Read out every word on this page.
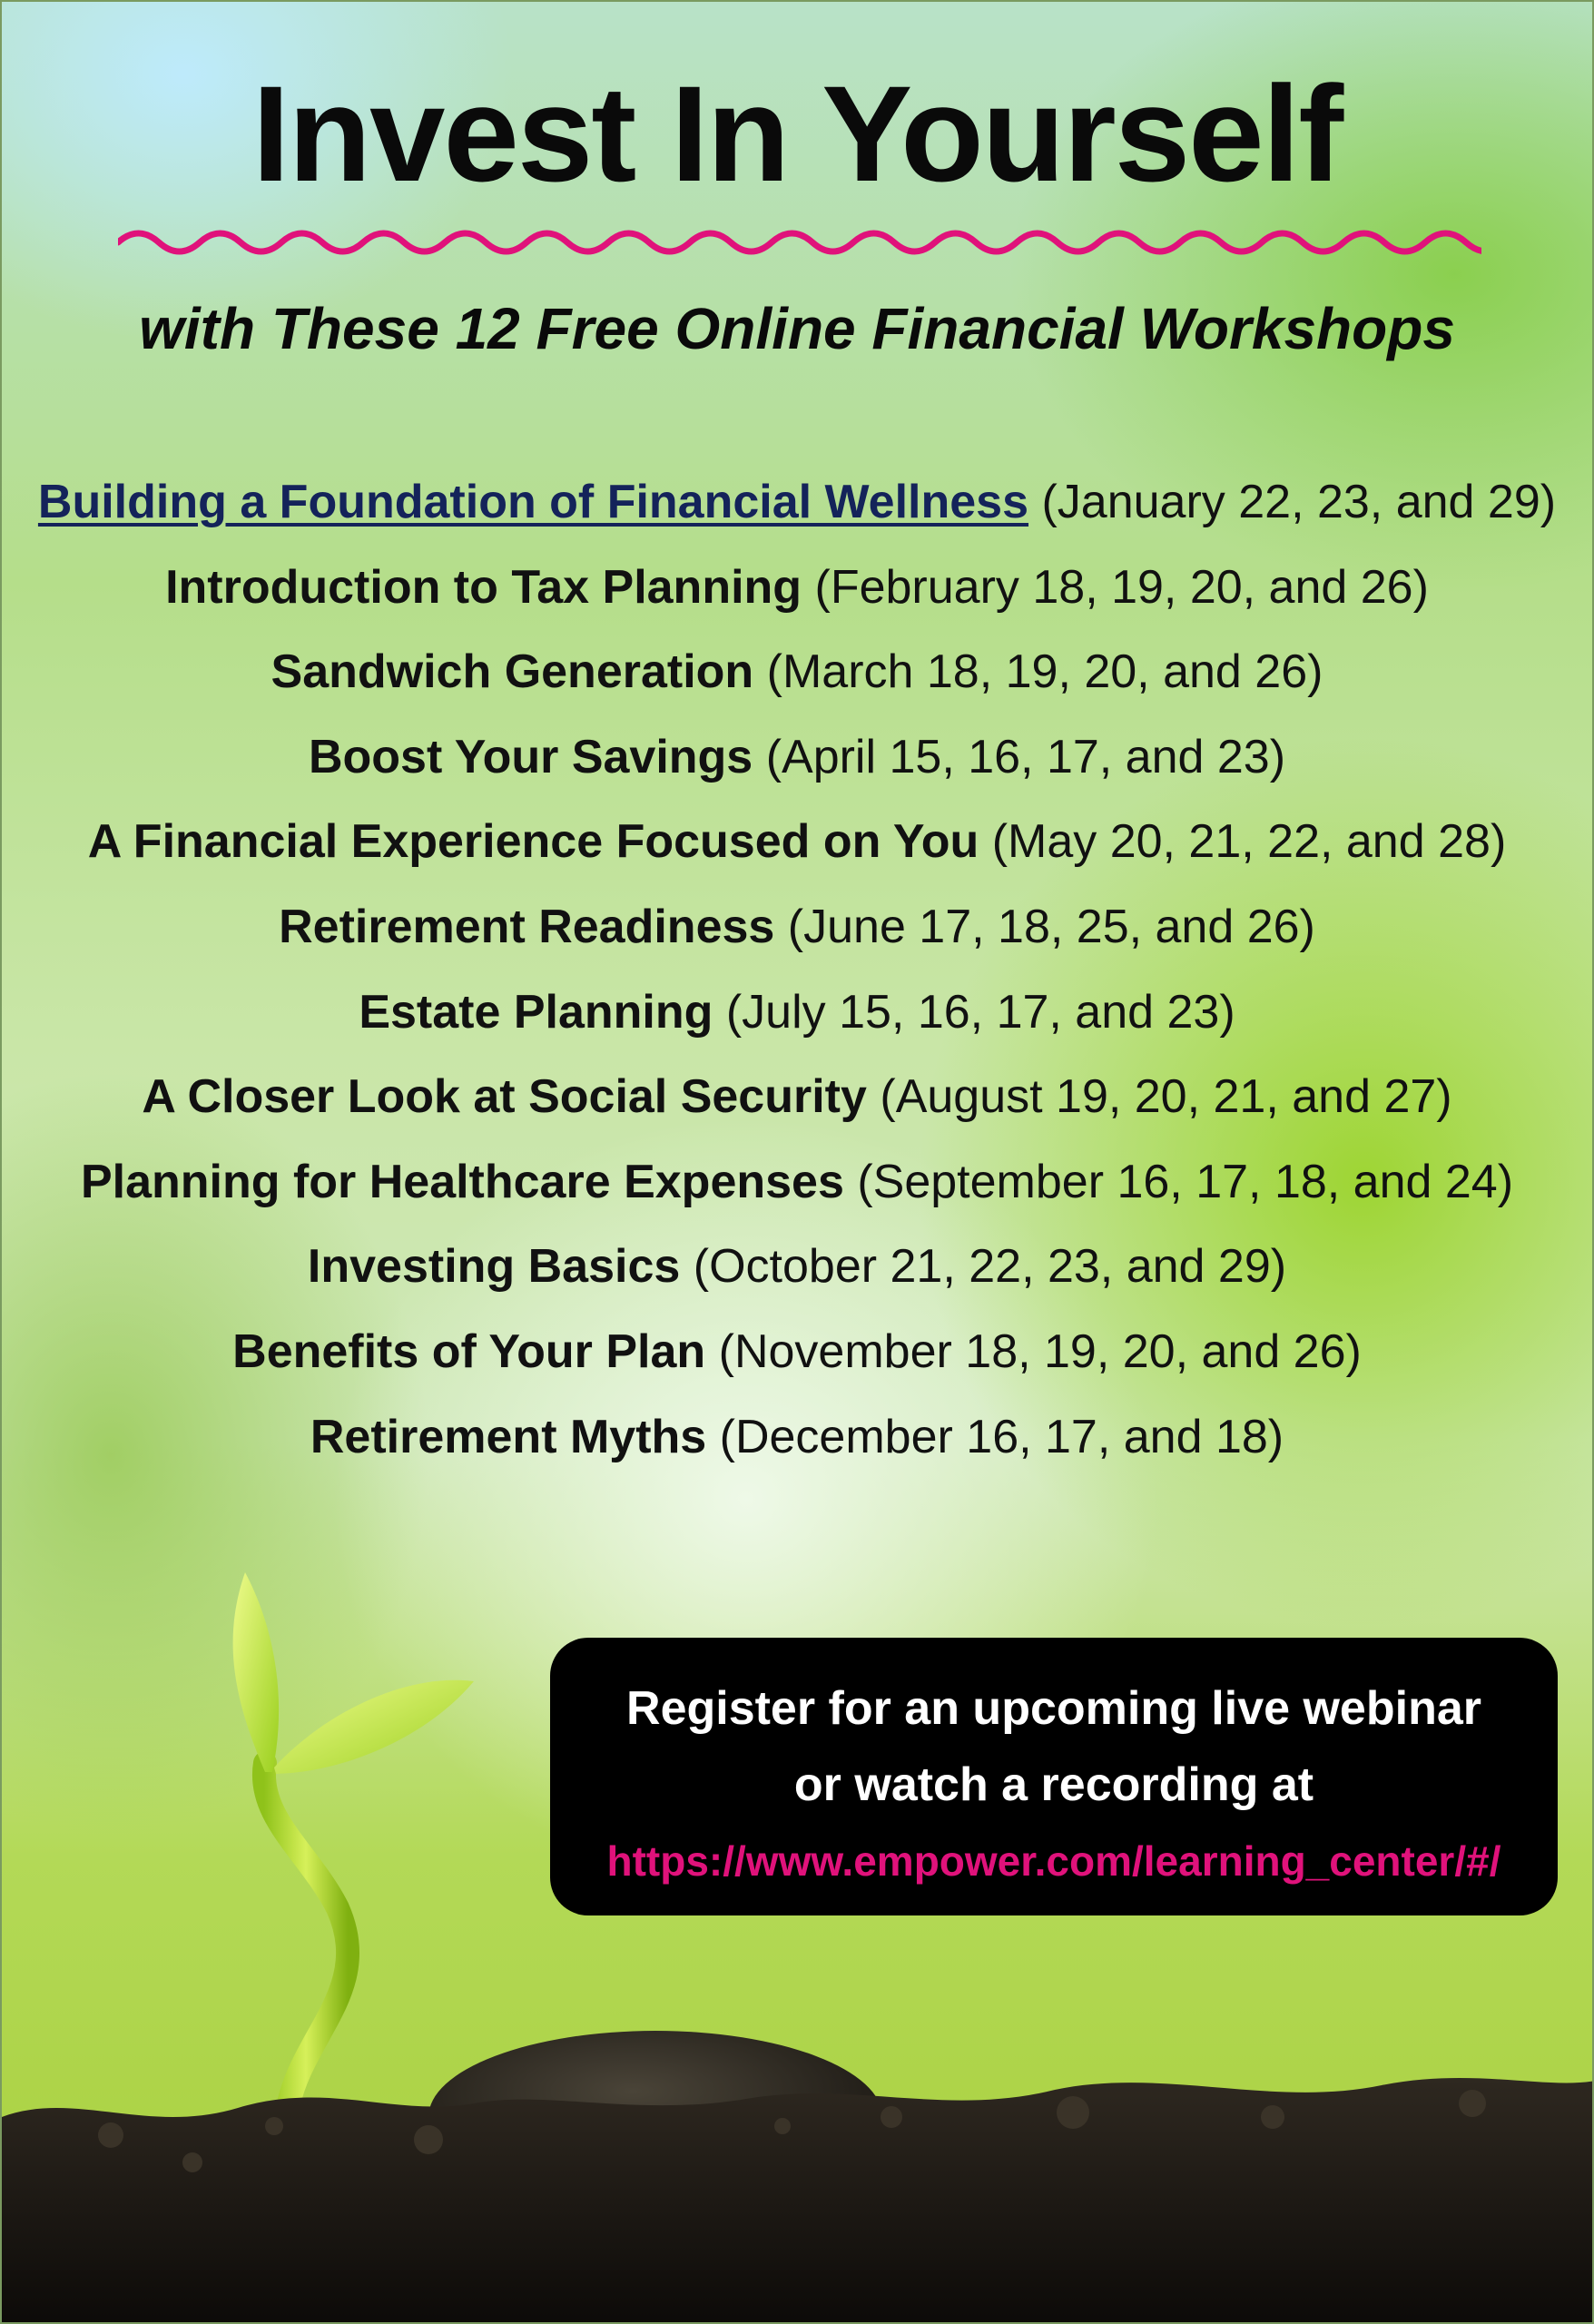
Invest In Yourself
with These 12 Free Online Financial Workshops
Building a Foundation of Financial Wellness (January 22, 23, and 29)
Introduction to Tax Planning (February 18, 19, 20, and 26)
Sandwich Generation (March 18, 19, 20, and 26)
Boost Your Savings (April 15, 16, 17, and 23)
A Financial Experience Focused on You (May 20, 21, 22, and 28)
Retirement Readiness (June 17, 18, 25, and 26)
Estate Planning (July 15, 16, 17, and 23)
A Closer Look at Social Security (August 19, 20, 21, and 27)
Planning for Healthcare Expenses (September 16, 17, 18, and 24)
Investing Basics (October 21, 22, 23, and 29)
Benefits of Your Plan (November 18, 19, 20, and 26)
Retirement Myths (December 16, 17, and 18)
Register for an upcoming live webinar
or watch a recording at
https://www.empower.com/learning_center/#/
